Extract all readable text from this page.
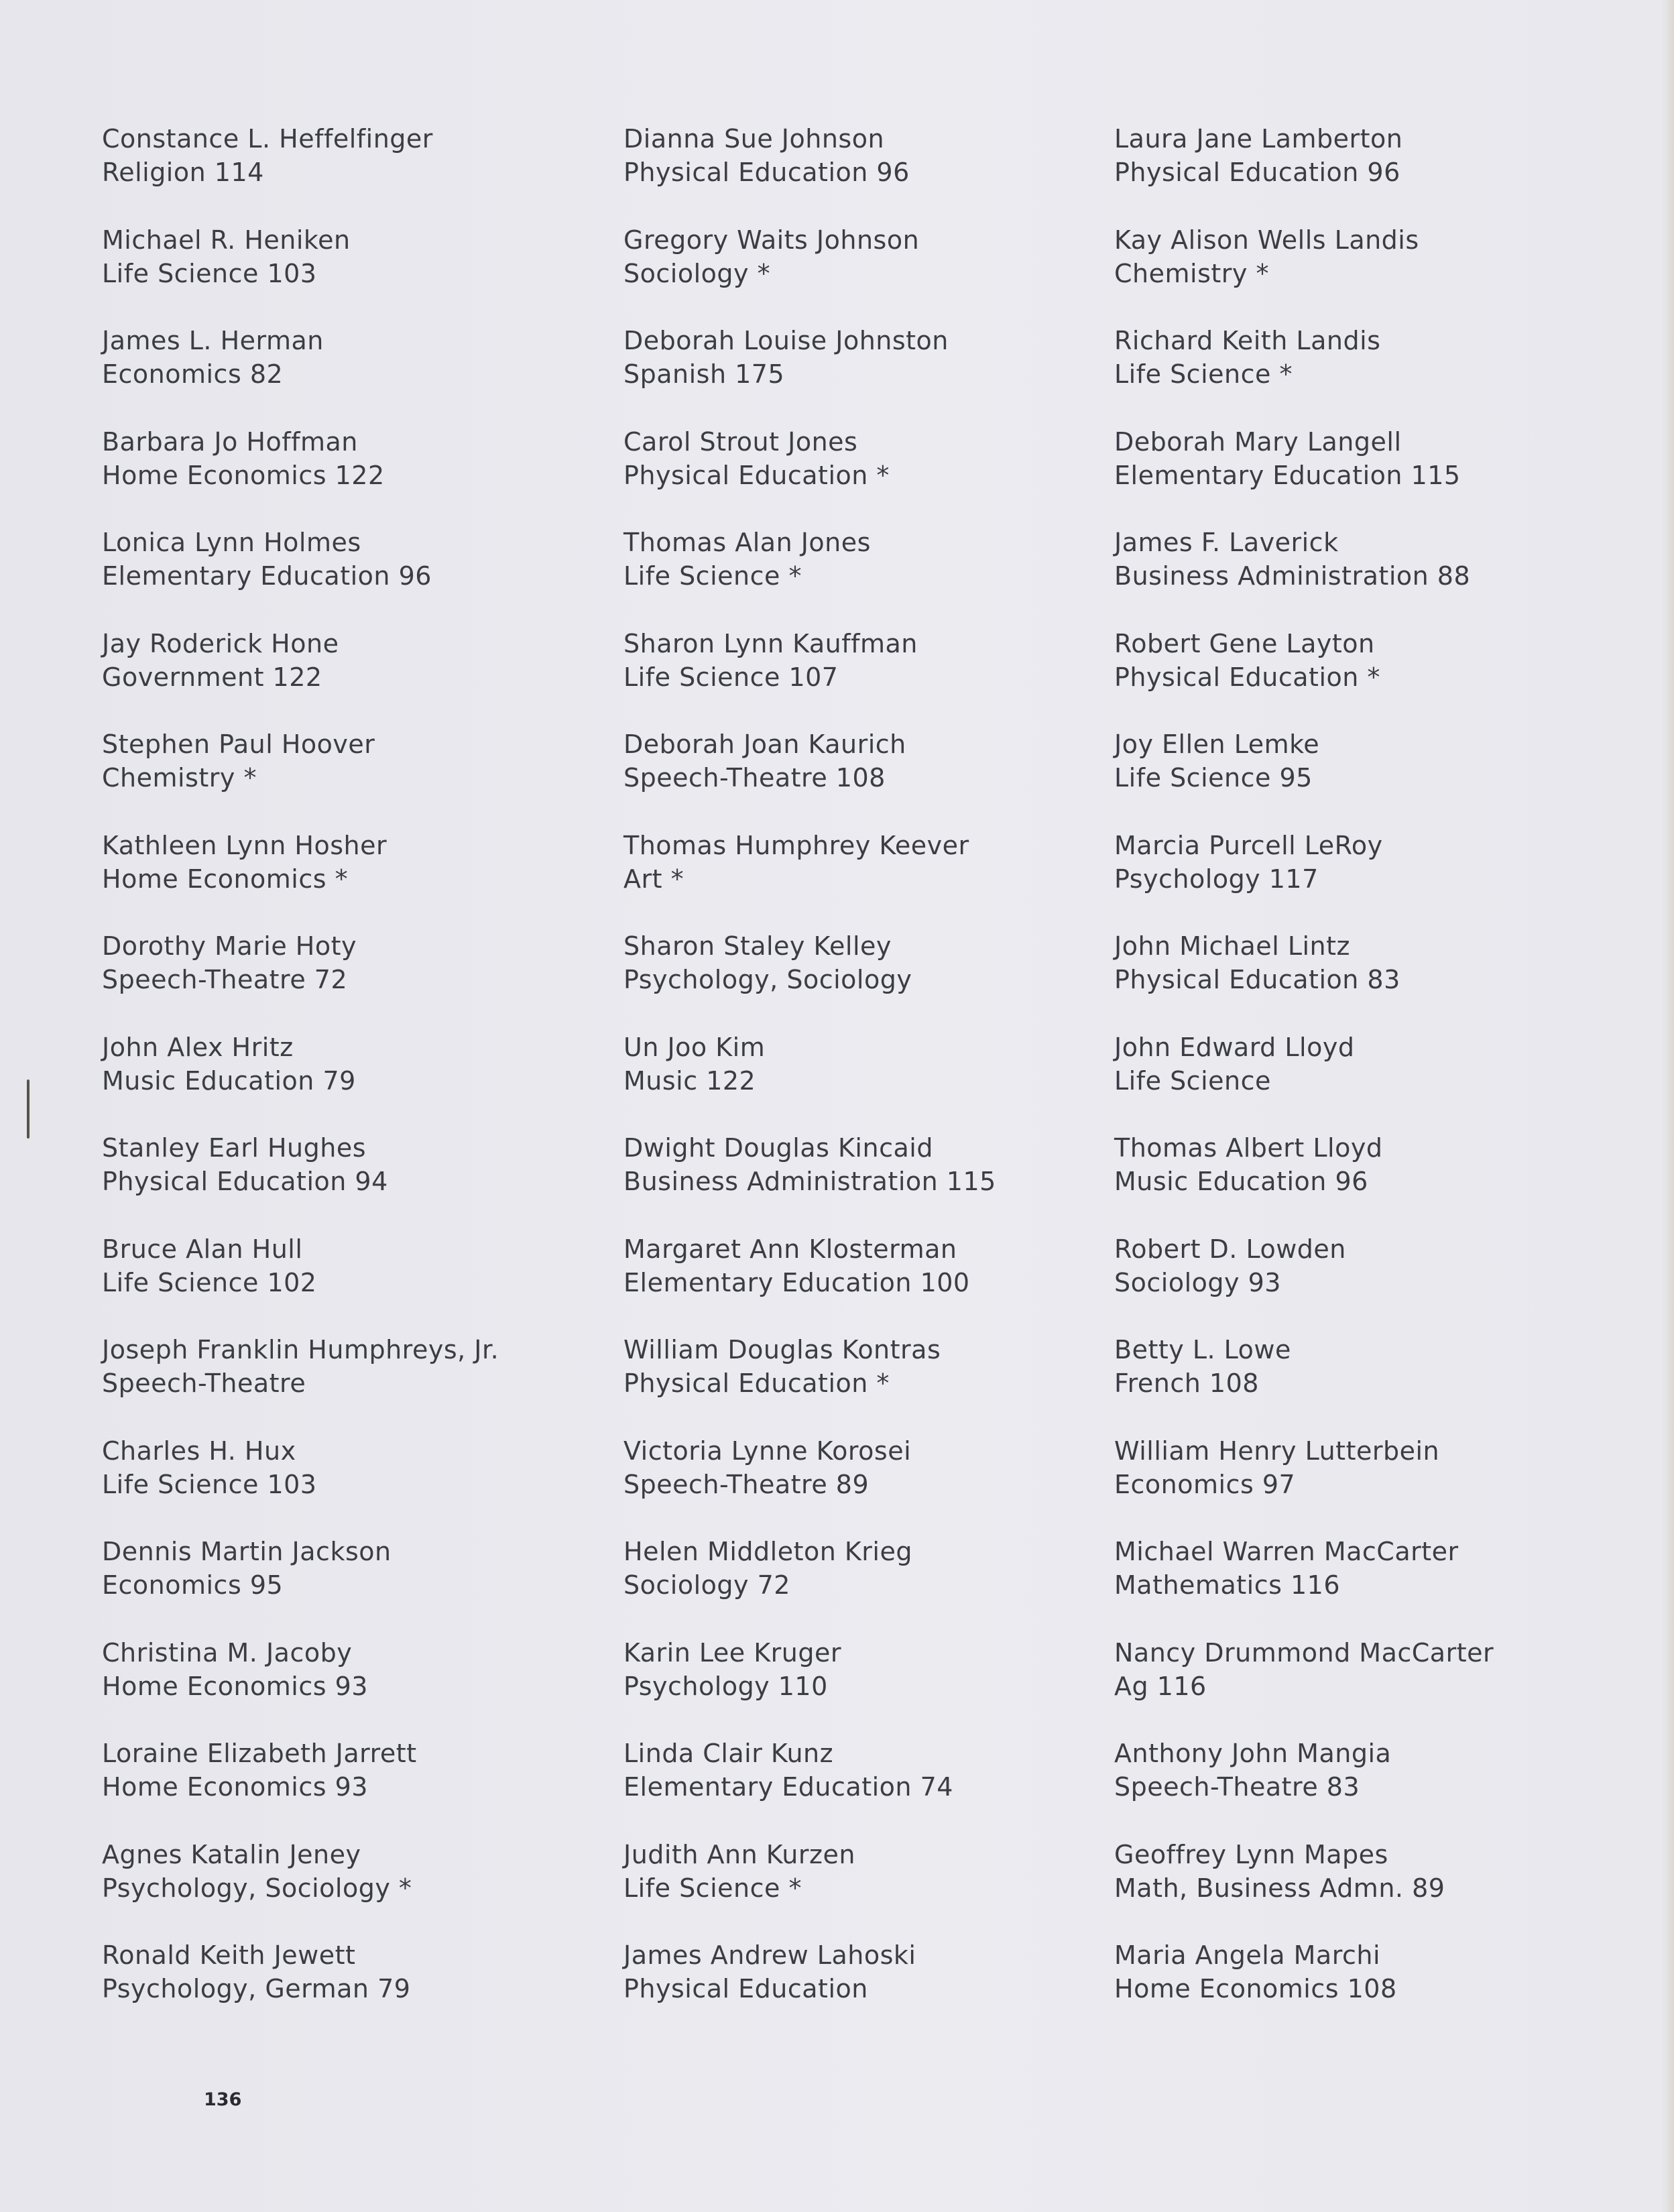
Constance L. Heffelfinger
Religion 114
Michael R. Heniken
Life Science 103
James L. Herman
Economics 82
Barbara Jo Hoffman
Home Economics 122
Lonica Lynn Holmes
Elementary Education 96
Jay Roderick Hone
Government 122
Stephen Paul Hoover
Chemistry *
Kathleen Lynn Hosher
Home Economics *
Dorothy Marie Hoty
Speech-Theatre 72
John Alex Hritz
Music Education 79
Stanley Earl Hughes
Physical Education 94
Bruce Alan Hull
Life Science 102
Joseph Franklin Humphreys, Jr.
Speech-Theatre
Charles H. Hux
Life Science 103
Dennis Martin Jackson
Economics 95
Christina M. Jacoby
Home Economics 93
Loraine Elizabeth Jarrett
Home Economics 93
Agnes Katalin Jeney
Psychology, Sociology *
Ronald Keith Jewett
Psychology, German 79
Dianna Sue Johnson
Physical Education 96
Gregory Waits Johnson
Sociology *
Deborah Louise Johnston
Spanish 175
Carol Strout Jones
Physical Education *
Thomas Alan Jones
Life Science *
Sharon Lynn Kauffman
Life Science 107
Deborah Joan Kaurich
Speech-Theatre 108
Thomas Humphrey Keever
Art *
Sharon Staley Kelley
Psychology, Sociology
Un Joo Kim
Music 122
Dwight Douglas Kincaid
Business Administration 115
Margaret Ann Klosterman
Elementary Education 100
William Douglas Kontras
Physical Education *
Victoria Lynne Korosei
Speech-Theatre 89
Helen Middleton Krieg
Sociology 72
Karin Lee Kruger
Psychology 110
Linda Clair Kunz
Elementary Education 74
Judith Ann Kurzen
Life Science *
James Andrew Lahoski
Physical Education
Laura Jane Lamberton
Physical Education 96
Kay Alison Wells Landis
Chemistry *
Richard Keith Landis
Life Science *
Deborah Mary Langell
Elementary Education 115
James F. Laverick
Business Administration 88
Robert Gene Layton
Physical Education *
Joy Ellen Lemke
Life Science 95
Marcia Purcell LeRoy
Psychology 117
John Michael Lintz
Physical Education 83
John Edward Lloyd
Life Science
Thomas Albert Lloyd
Music Education 96
Robert D. Lowden
Sociology 93
Betty L. Lowe
French 108
William Henry Lutterbein
Economics 97
Michael Warren MacCarter
Mathematics 116
Nancy Drummond MacCarter
Ag 116
Anthony John Mangia
Speech-Theatre 83
Geoffrey Lynn Mapes
Math, Business Admn. 89
Maria Angela Marchi
Home Economics 108
136
